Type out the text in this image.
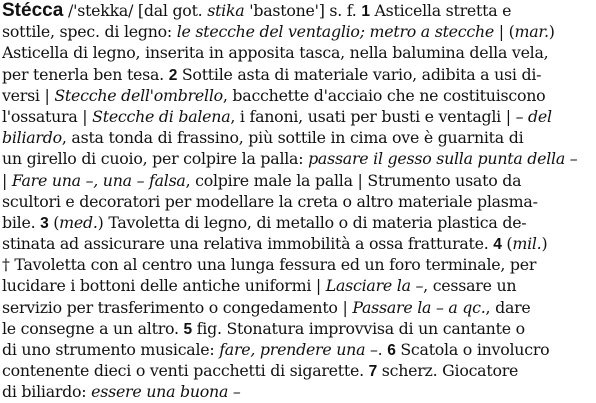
Stécca /'stekka/ [dal got. stika 'bastone'] s. f. 1 Asticella stretta e
sottile, spec. di legno: le stecche del ventaglio; metro a stecche | (mar.)
Asticella di legno, inserita in apposita tasca, nella balumina della vela,
per tenerla ben tesa. 2 Sottile asta di materiale vario, adibita a usi di-
versi | Stecche dell'ombrello, bacchette d'acciaio che ne costituiscono
l'ossatura | Stecche di balena, i fanoni, usati per busti e ventagli | – del
biliardo, asta tonda di frassino, più sottile in cima ove è guarnita di
un girello di cuoio, per colpire la palla: passare il gesso sulla punta della –
| Fare una –, una – falsa, colpire male la palla | Strumento usato da
scultori e decoratori per modellare la creta o altro materiale plasma-
bile. 3 (med.) Tavoletta di legno, di metallo o di materia plastica de-
stinata ad assicurare una relativa immobilità a ossa fratturate. 4 (mil.)
† Tavoletta con al centro una lunga fessura ed un foro terminale, per
lucidare i bottoni delle antiche uniformi | Lasciare la –, cessare un
servizio per trasferimento o congedamento | Passare la – a qc., dare
le consegne a un altro. 5 fig. Stonatura improvvisa di un cantante o
di uno strumento musicale: fare, prendere una –. 6 Scatola o involucro
contenente dieci o venti pacchetti di sigarette. 7 scherz. Giocatore
di biliardo: essere una buona –
